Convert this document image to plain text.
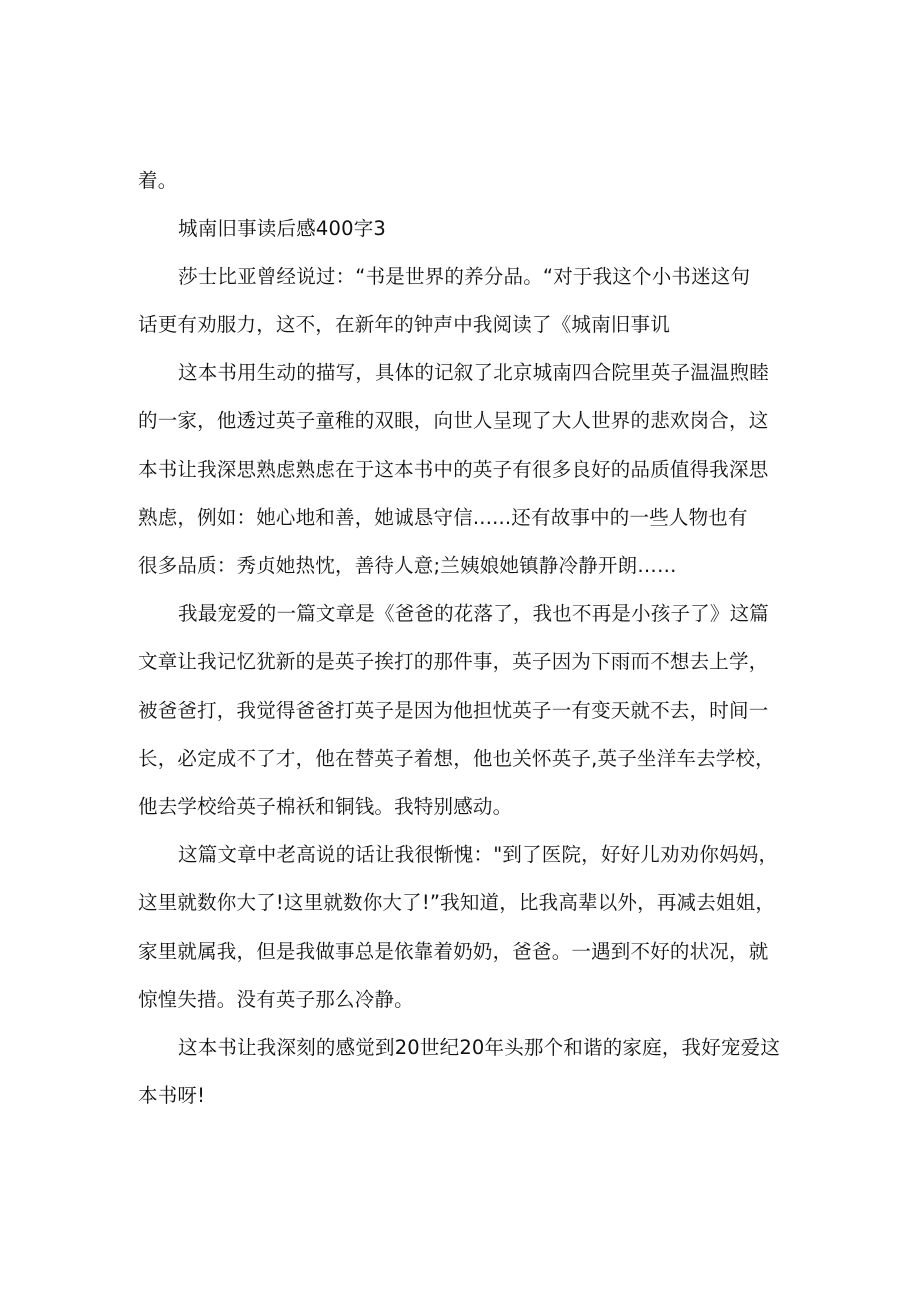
着。
城南旧事读后感400字3
莎士比亚曾经说过：“书是世界的养分品。“对于我这个小书迷这句
话更有劝服力，这不，在新年的钟声中我阅读了《城南旧事讥
这本书用生动的描写，具体的记叙了北京城南四合院里英子温温煦睦
的一家，他透过英子童稚的双眼，向世人呈现了大人世界的悲欢岗合，这
本书让我深思熟虑熟虑在于这本书中的英子有很多良好的品质值得我深思
熟虑，例如：她心地和善，她诚恳守信......还有故事中的一些人物也有
很多品质：秀贞她热忱，善待人意;兰姨娘她镇静冷静开朗……
我最宠爱的一篇文章是《爸爸的花落了，我也不再是小孩子了》这篇
文章让我记忆犹新的是英子挨打的那件事，英子因为下雨而不想去上学，
被爸爸打，我觉得爸爸打英子是因为他担忧英子一有变天就不去，时间一
长，必定成不了才，他在替英子着想，他也关怀英子,英子坐洋车去学校，
他去学校给英子棉袄和铜钱。我特别感动。
这篇文章中老高说的话让我很惭愧："到了医院，好好儿劝劝你妈妈，
这里就数你大了!这里就数你大了!”我知道，比我高辈以外，再减去姐姐，
家里就属我，但是我做事总是依靠着奶奶，爸爸。一遇到不好的状况，就
惊惶失措。没有英子那么冷静。
这本书让我深刻的感觉到20世纪20年头那个和谐的家庭，我好宠爱这
本书呀!
